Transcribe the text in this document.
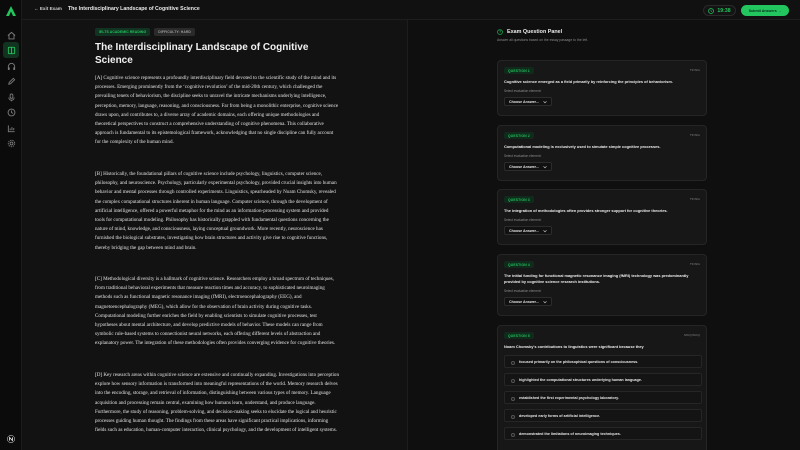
← Exit Exam The Interdisciplinary Landscape of Cognitive Science	19:38	Submit Answers →
IELTS ACADEMIC READING	DIFFICULTY: HARD
The Interdisciplinary Landscape of Cognitive Science

[A] Cognitive science represents a profoundly interdisciplinary field devoted to the scientific study of the mind and its processes. Emerging prominently from the ‘cognitive revolution’ of the mid-20th century, which challenged the prevailing tenets of behaviorism, the discipline seeks to unravel the intricate mechanisms underlying intelligence, perception, memory, language, reasoning, and consciousness. Far from being a monolithic enterprise, cognitive science draws upon, and contributes to, a diverse array of academic domains, each offering unique methodologies and theoretical perspectives to construct a comprehensive understanding of cognitive phenomena. This collaborative approach is fundamental to its epistemological framework, acknowledging that no single discipline can fully account for the complexity of the human mind.

[B] Historically, the foundational pillars of cognitive science include psychology, linguistics, computer science, philosophy, and neuroscience. Psychology, particularly experimental psychology, provided crucial insights into human behavior and mental processes through controlled experiments. Linguistics, spearheaded by Noam Chomsky, revealed the complex computational structures inherent in human language. Computer science, through the development of artificial intelligence, offered a powerful metaphor for the mind as an information-processing system and provided tools for computational modeling. Philosophy has historically grappled with fundamental questions concerning the nature of mind, knowledge, and consciousness, laying conceptual groundwork. More recently, neuroscience has furnished the biological substrates, investigating how brain structures and activity give rise to cognitive functions, thereby bridging the gap between mind and brain.

[C] Methodological diversity is a hallmark of cognitive science. Researchers employ a broad spectrum of techniques, from traditional behavioral experiments that measure reaction times and accuracy, to sophisticated neuroimaging methods such as functional magnetic resonance imaging (fMRI), electroencephalography (EEG), and magnetoencephalography (MEG), which allow for the observation of brain activity during cognitive tasks. Computational modeling further enriches the field by enabling scientists to simulate cognitive processes, test hypotheses about mental architecture, and develop predictive models of behavior. These models can range from symbolic rule-based systems to connectionist neural networks, each offering different levels of abstraction and explanatory power. The integration of these methodologies often provides converging evidence for cognitive theories.

[D] Key research areas within cognitive science are extensive and continually expanding. Investigations into perception explore how sensory information is transformed into meaningful representations of the world. Memory research delves into the encoding, storage, and retrieval of information, distinguishing between various types of memory. Language acquisition and processing remain central, examining how humans learn, understand, and produce language. Furthermore, the study of reasoning, problem-solving, and decision-making seeks to elucidate the logical and heuristic processes guiding human thought. The findings from these areas have significant practical implications, informing fields such as education, human-computer interaction, clinical psychology, and the development of intelligent systems.

Exam Question Panel
Answer all questions based on the essay passage to the left.
QUESTION 1	TF/NG
Cognitive science emerged as a field primarily by reinforcing the principles of behaviorism.
Select evaluation element:
Choose Answer...
QUESTION 2	TF/NG
Computational modeling is exclusively used to simulate simple cognitive processes.
Select evaluation element:
Choose Answer...
QUESTION 3	TF/NG
The integration of methodologies often provides stronger support for cognitive theories.
Select evaluation element:
Choose Answer...
QUESTION 4	TF/NG
The initial funding for functional magnetic resonance imaging (fMRI) technology was predominantly provided by cognitive science research institutions.
Select evaluation element:
Choose Answer...
QUESTION 5	MCQ/SCQ
Noam Chomsky's contributions to linguistics were significant because they
focused primarily on the philosophical questions of consciousness.
highlighted the computational structures underlying human language.
established the first experimental psychology laboratory.
developed early forms of artificial intelligence.
demonstrated the limitations of neuroimaging techniques.
